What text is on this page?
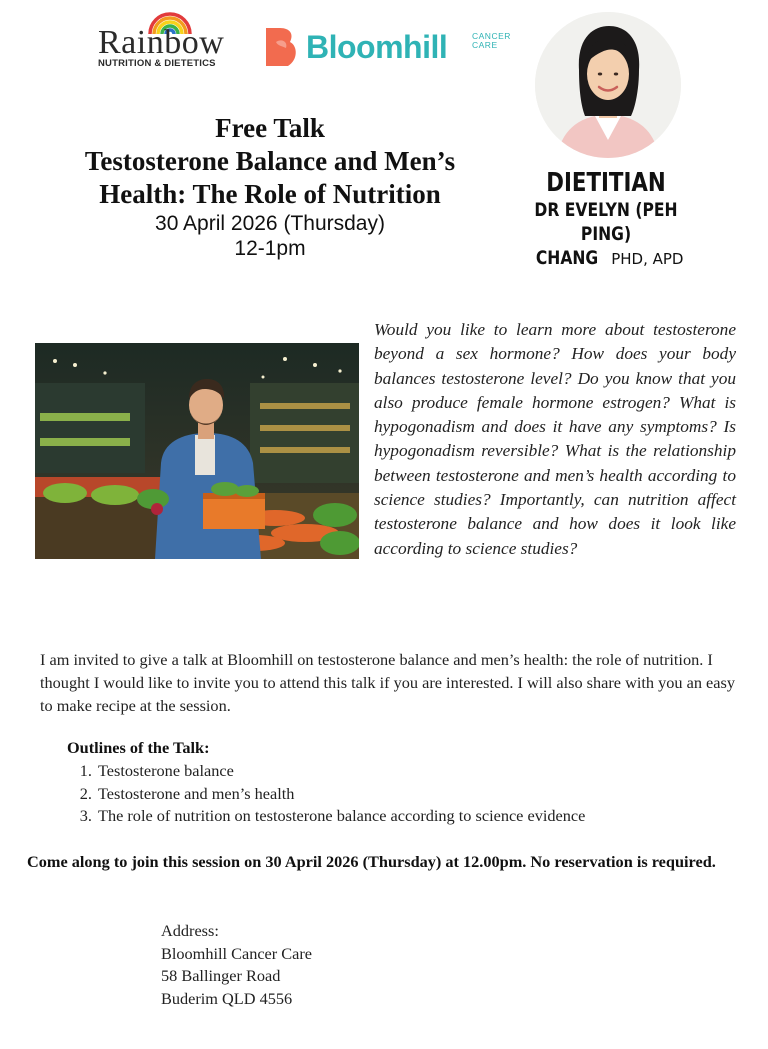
Rainbow
NUTRITION & DIETETICS	Bloomhill	CANCER
CARE
Free Talk
Testosterone Balance and Men’s
Health: The Role of Nutrition
30 April 2026 (Thursday)
12-1pm
DIETITIAN
DR EVELYN (PEH PING)
CHANG PHD, APD
Would you like to learn more about testosterone beyond a sex hormone? How does your body balances testosterone level? Do you know that you also produce female hormone estrogen? What is hypogonadism and does it have any symptoms? Is hypogonadism reversible? What is the relationship between testosterone and men’s health according to science studies? Importantly, can nutrition affect testosterone balance and how does it look like according to science studies?
I am invited to give a talk at Bloomhill on testosterone balance and men’s health: the role of nutrition. I thought I would like to invite you to attend this talk if you are interested. I will also share with you an easy to make recipe at the session.
Outlines of the Talk:
1. Testosterone balance
2. Testosterone and men’s health
3. The role of nutrition on testosterone balance according to science evidence
Come along to join this session on 30 April 2026 (Thursday) at 12.00pm. No reservation is required.
Address:
Bloomhill Cancer Care
58 Ballinger Road
Buderim QLD 4556
